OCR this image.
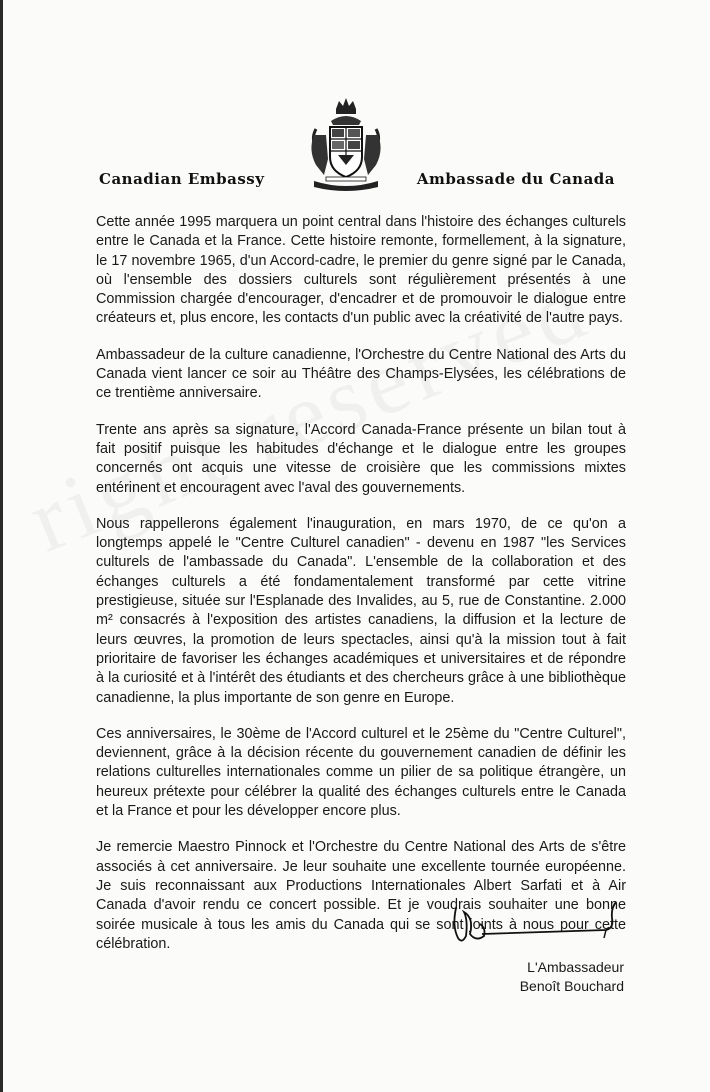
Canadian Embassy	Ambassade du Canada

Cette année 1995 marquera un point central dans l'histoire des échanges culturels entre le Canada et la France. Cette histoire remonte, formellement, à la signature, le 17 novembre 1965, d'un Accord-cadre, le premier du genre signé par le Canada, où l'ensemble des dossiers culturels sont régulièrement présentés à une Commission chargée d'encourager, d'encadrer et de promouvoir le dialogue entre créateurs et, plus encore, les contacts d'un public avec la créativité de l'autre pays.

Ambassadeur de la culture canadienne, l'Orchestre du Centre National des Arts du Canada vient lancer ce soir au Théâtre des Champs-Elysées, les célébrations de ce trentième anniversaire.

Trente ans après sa signature, l'Accord Canada-France présente un bilan tout à fait positif puisque les habitudes d'échange et le dialogue entre les groupes concernés ont acquis une vitesse de croisière que les commissions mixtes entérinent et encouragent avec l'aval des gouvernements.

Nous rappellerons également l'inauguration, en mars 1970, de ce qu'on a longtemps appelé le "Centre Culturel canadien" - devenu en 1987 "les Services culturels de l'ambassade du Canada". L'ensemble de la collaboration et des échanges culturels a été fondamentalement transformé par cette vitrine prestigieuse, située sur l'Esplanade des Invalides, au 5, rue de Constantine. 2.000 m² consacrés à l'exposition des artistes canadiens, la diffusion et la lecture de leurs œuvres, la promotion de leurs spectacles, ainsi qu'à la mission tout à fait prioritaire de favoriser les échanges académiques et universitaires et de répondre à la curiosité et à l'intérêt des étudiants et des chercheurs grâce à une bibliothèque canadienne, la plus importante de son genre en Europe.

Ces anniversaires, le 30ème de l'Accord culturel et le 25ème du "Centre Culturel", deviennent, grâce à la décision récente du gouvernement canadien de définir les relations culturelles internationales comme un pilier de sa politique étrangère, un heureux prétexte pour célébrer la qualité des échanges culturels entre le Canada et la France et pour les développer encore plus.

Je remercie Maestro Pinnock et l'Orchestre du Centre National des Arts de s'être associés à cet anniversaire. Je leur souhaite une excellente tournée européenne. Je suis reconnaissant aux Productions Internationales Albert Sarfati et à Air Canada d'avoir rendu ce concert possible. Et je voudrais souhaiter une bonne soirée musicale à tous les amis du Canada qui se sont joints à nous pour cette célébration.

L'Ambassadeur
Benoît Bouchard
